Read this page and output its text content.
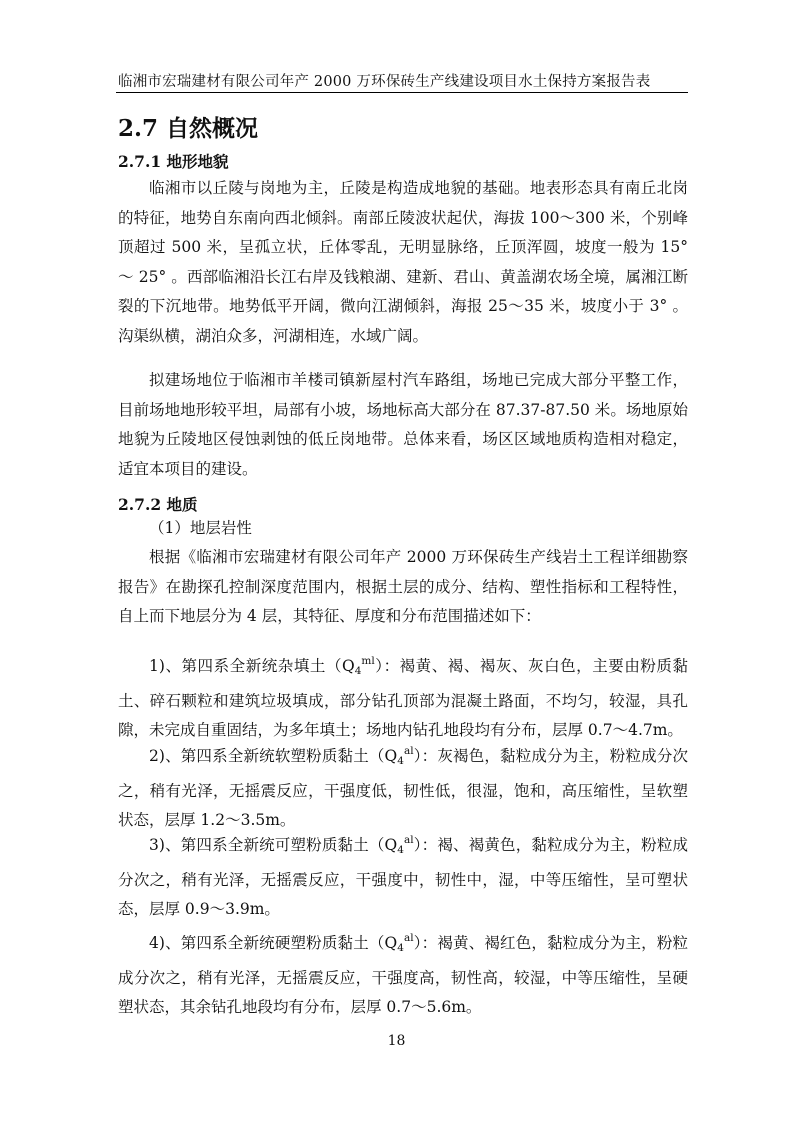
临湘市宏瑞建材有限公司年产 2000 万环保砖生产线建设项目水土保持方案报告表
2.7 自然概况
2.7.1 地形地貌
临湘市以丘陵与岗地为主，丘陵是构造成地貌的基础。地表形态具有南丘北岗的特征，地势自东南向西北倾斜。南部丘陵波状起伏，海拔 100～300 米，个别峰顶超过 500 米，呈孤立状，丘体零乱，无明显脉络，丘顶浑圆，坡度一般为 15° ～ 25° 。西部临湘沿长江右岸及钱粮湖、建新、君山、黄盖湖农场全境，属湘江断裂的下沉地带。地势低平开阔，微向江湖倾斜，海报 25～35 米，坡度小于 3° 。沟渠纵横，湖泊众多，河湖相连，水域广阔。
拟建场地位于临湘市羊楼司镇新屋村汽车路组，场地已完成大部分平整工作，目前场地地形较平坦，局部有小坡，场地标高大部分在 87.37-87.50 米。场地原始地貌为丘陵地区侵蚀剥蚀的低丘岗地带。总体来看，场区区域地质构造相对稳定，适宜本项目的建设。
2.7.2 地质
（1）地层岩性
根据《临湘市宏瑞建材有限公司年产 2000 万环保砖生产线岩土工程详细勘察报告》在勘探孔控制深度范围内，根据土层的成分、结构、塑性指标和工程特性，自上而下地层分为 4 层，其特征、厚度和分布范围描述如下：
1)、第四系全新统杂填土$(Q_4^{ml})$：褐黄、褐、褐灰、灰白色，主要由粉质黏土、碎石颗粒和建筑垃圾填成，部分钻孔顶部为混凝土路面，不均匀，较湿，具孔隙，未完成自重固结，为多年填土；场地内钻孔地段均有分布，层厚 0.7～4.7m。
2)、第四系全新统软塑粉质黏土$(Q_4^{al})$：灰褐色，黏粒成分为主，粉粒成分次之，稍有光泽，无摇震反应，干强度低，韧性低，很湿，饱和，高压缩性，呈软塑状态，层厚 1.2～3.5m。
3)、第四系全新统可塑粉质黏土$(Q_4^{al})$：褐、褐黄色，黏粒成分为主，粉粒成分次之，稍有光泽，无摇震反应，干强度中，韧性中，湿，中等压缩性，呈可塑状态，层厚 0.9～3.9m。
4)、第四系全新统硬塑粉质黏土$(Q_4^{al})$：褐黄、褐红色，黏粒成分为主，粉粒成分次之，稍有光泽，无摇震反应，干强度高，韧性高，较湿，中等压缩性，呈硬塑状态，其余钻孔地段均有分布，层厚 0.7～5.6m。
18
